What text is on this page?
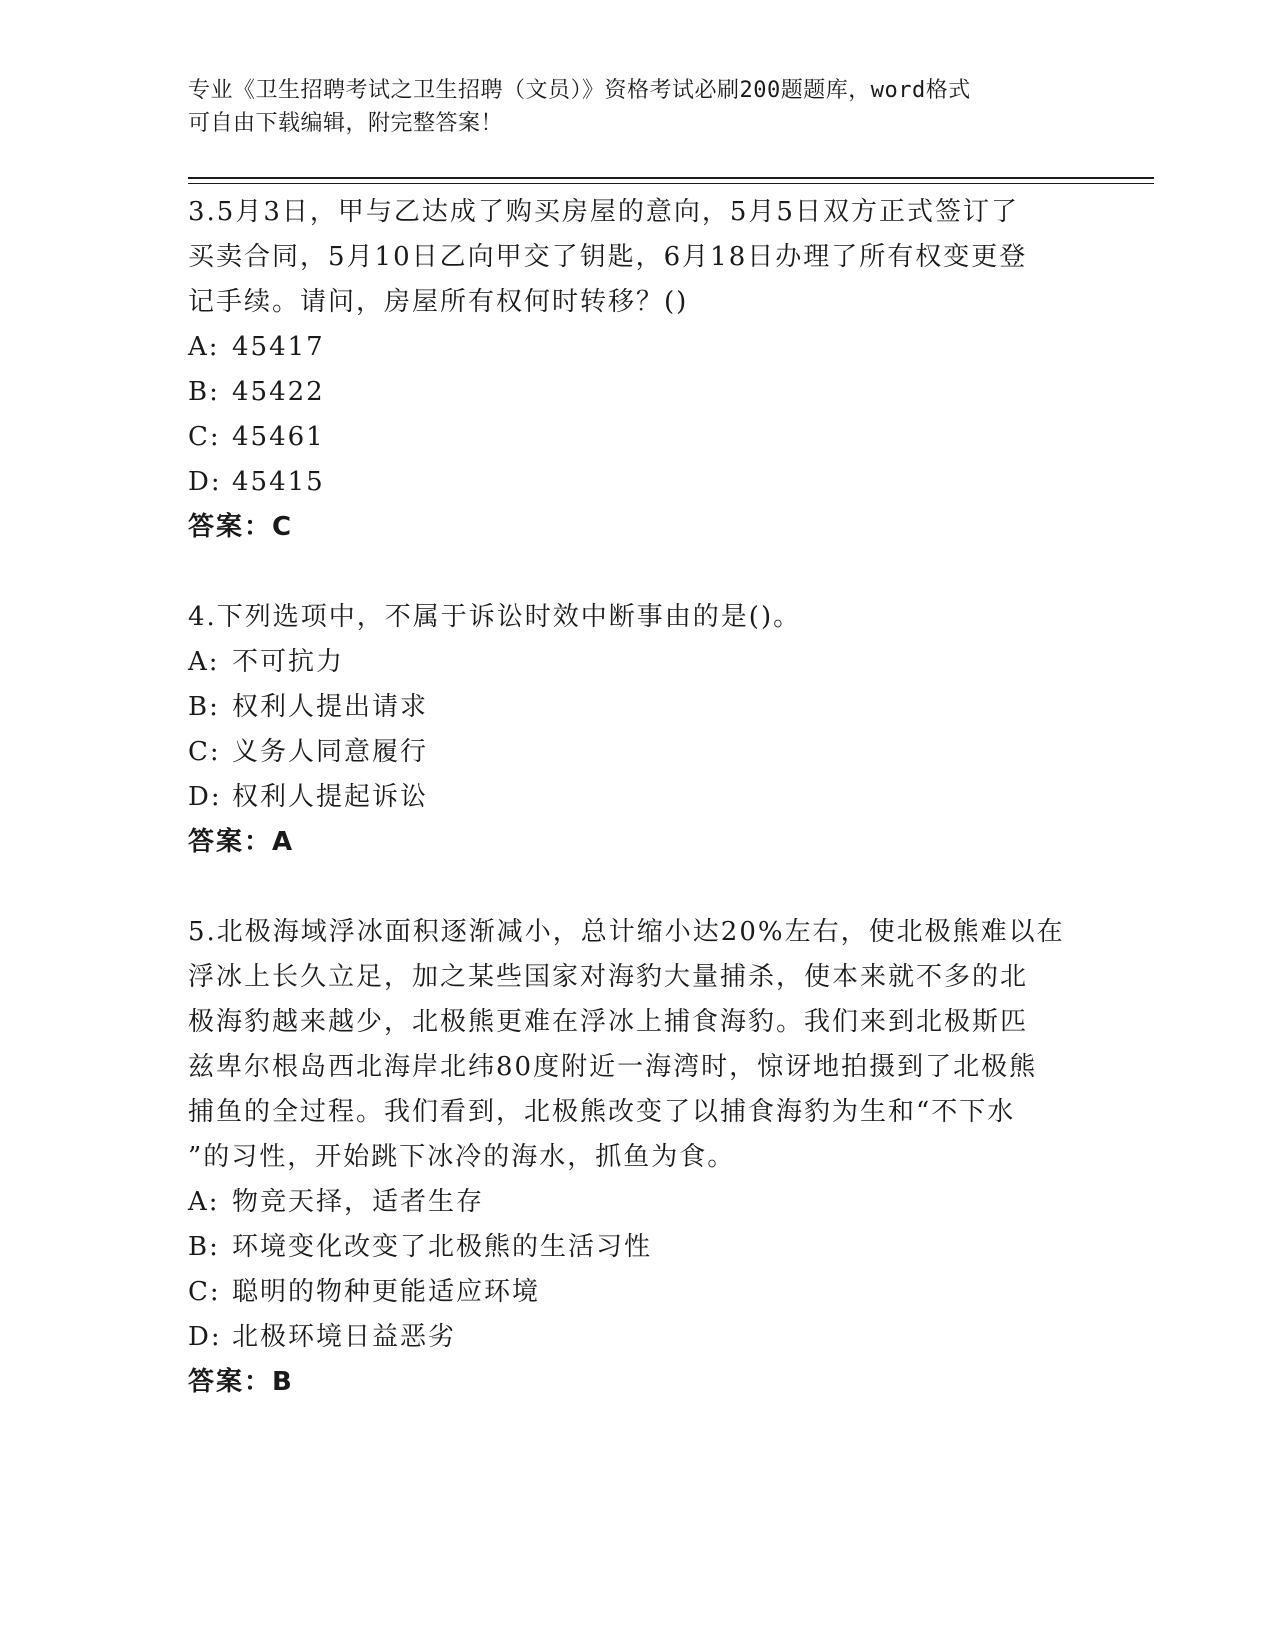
专业《卫生招聘考试之卫生招聘（文员）》资格考试必刷200题题库，word格式
可自由下载编辑，附完整答案！
3.5月3日，甲与乙达成了购买房屋的意向，5月5日双方正式签订了
买卖合同，5月10日乙向甲交了钥匙，6月18日办理了所有权变更登
记手续。请问，房屋所有权何时转移？()
A: 45417
B: 45422
C: 45461
D: 45415
答案：C
4.下列选项中，不属于诉讼时效中断事由的是()。
A: 不可抗力
B: 权利人提出请求
C: 义务人同意履行
D: 权利人提起诉讼
答案：A
5.北极海域浮冰面积逐渐减小，总计缩小达20%左右，使北极熊难以在
浮冰上长久立足，加之某些国家对海豹大量捕杀，使本来就不多的北
极海豹越来越少，北极熊更难在浮冰上捕食海豹。我们来到北极斯匹
兹卑尔根岛西北海岸北纬80度附近一海湾时，惊讶地拍摄到了北极熊
捕鱼的全过程。我们看到，北极熊改变了以捕食海豹为生和“不下水
”的习性，开始跳下冰冷的海水，抓鱼为食。
A: 物竞天择，适者生存
B: 环境变化改变了北极熊的生活习性
C: 聪明的物种更能适应环境
D: 北极环境日益恶劣
答案：B
